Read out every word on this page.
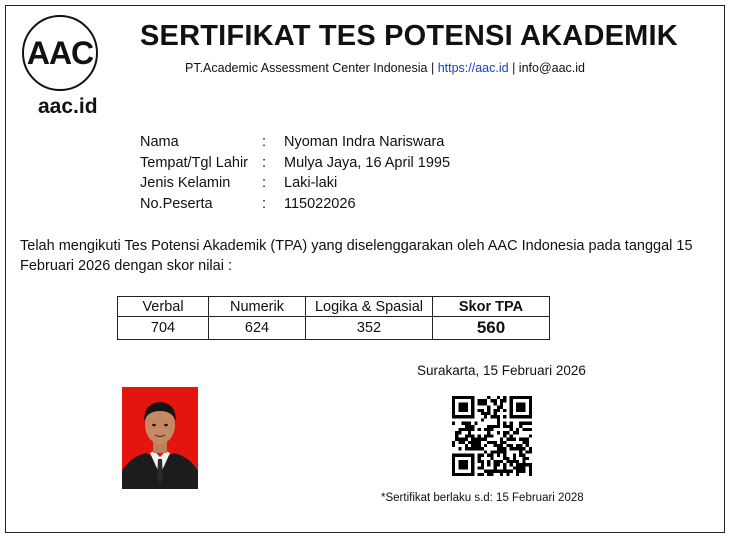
AAC
aac.id
SERTIFIKAT TES POTENSI AKADEMIK
PT.Academic Assessment Center Indonesia | https://aac.id | info@aac.id
Nama	:	Nyoman Indra Nariswara
Tempat/Tgl Lahir :	Mulya Jaya, 16 April 1995
Jenis Kelamin	:	Laki-laki
No.Peserta	:	115022026
Telah mengikuti Tes Potensi Akademik (TPA) yang diselenggarakan oleh AAC Indonesia pada tanggal 15 Februari 2026 dengan skor nilai :
Verbal	Numerik	Logika & Spasial	Skor TPA
704	624	352	560
Surakarta, 15 Februari 2026
*Sertifikat berlaku s.d: 15 Februari 2028
